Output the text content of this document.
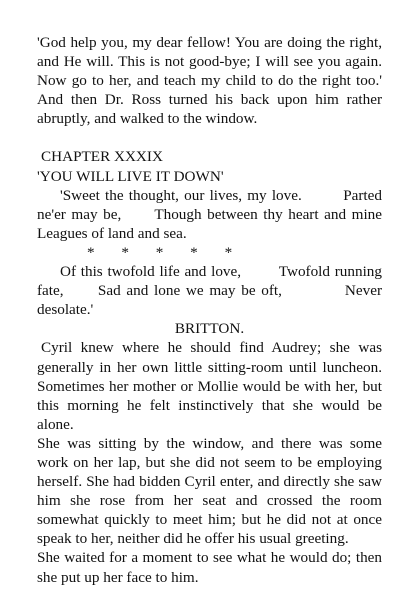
'God help you, my dear fellow! You are doing the right, and He will. This is not good-bye; I will see you again. Now go to her, and teach my child to do the right too.' And then Dr. Ross turned his back upon him rather abruptly, and walked to the window.

CHAPTER XXXIX

'YOU WILL LIVE IT DOWN'

'Sweet the thought, our lives, my love.        Parted ne'er may be,      Though between thy heart and mine Leagues of land and sea.

* * * * *

Of this twofold life and love,        Twofold running fate,      Sad and lone we may be oft,           Never desolate.'

BRITTON.

Cyril knew where he should find Audrey; she was generally in her own little sitting-room until luncheon. Sometimes her mother or Mollie would be with her, but this morning he felt instinctively that she would be alone.

She was sitting by the window, and there was some work on her lap, but she did not seem to be employing herself. She had bidden Cyril enter, and directly she saw him she rose from her seat and crossed the room somewhat quickly to meet him; but he did not at once speak to her, neither did he offer his usual greeting.

She waited for a moment to see what he would do; then she put up her face to him.
